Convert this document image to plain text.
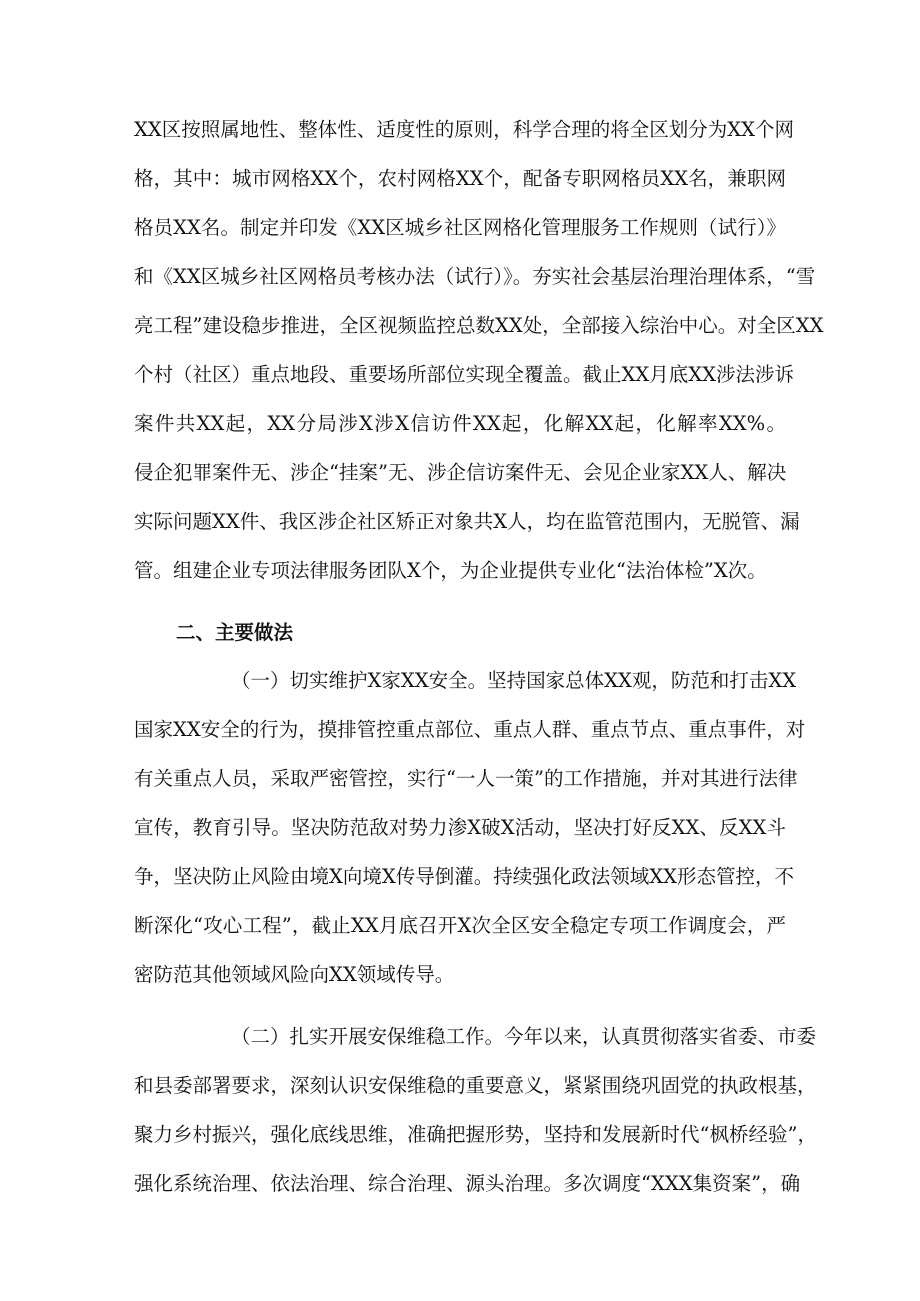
XX区按照属地性、整体性、适度性的原则，科学合理的将全区划分为XX个网

格，其中：城市网格XX个，农村网格XX个，配备专职网格员XX名，兼职网

格员XX名。制定并印发《XX区城乡社区网格化管理服务工作规则（试行）》

和《XX区城乡社区网格员考核办法（试行）》。夯实社会基层治理治理体系，“雪

亮工程”建设稳步推进，全区视频监控总数XX处，全部接入综治中心。对全区XX

个村（社区）重点地段、重要场所部位实现全覆盖。截止XX月底XX涉法涉诉

案件共XX起，XX分局涉X涉X信访件XX起，化解XX起，化解率XX%。

侵企犯罪案件无、涉企“挂案”无、涉企信访案件无、会见企业家XX人、解决

实际问题XX件、我区涉企社区矫正对象共X人，均在监管范围内，无脱管、漏

管。组建企业专项法律服务团队X个，为企业提供专业化“法治体检”X次。

二、主要做法

（一）切实维护X家XX安全。坚持国家总体XX观，防范和打击XX

国家XX安全的行为，摸排管控重点部位、重点人群、重点节点、重点事件，对

有关重点人员，采取严密管控，实行“一人一策”的工作措施，并对其进行法律

宣传，教育引导。坚决防范敌对势力渗X破X活动，坚决打好反XX、反XX斗

争，坚决防止风险由境X向境X传导倒灌。持续强化政法领域XX形态管控，不

断深化“攻心工程”，截止XX月底召开X次全区安全稳定专项工作调度会，严

密防范其他领域风险向XX领域传导。

（二）扎实开展安保维稳工作。今年以来，认真贯彻落实省委、市委

和县委部署要求，深刻认识安保维稳的重要意义，紧紧围绕巩固党的执政根基，

聚力乡村振兴，强化底线思维，准确把握形势，坚持和发展新时代“枫桥经验”，

强化系统治理、依法治理、综合治理、源头治理。多次调度“XXX集资案”，确
